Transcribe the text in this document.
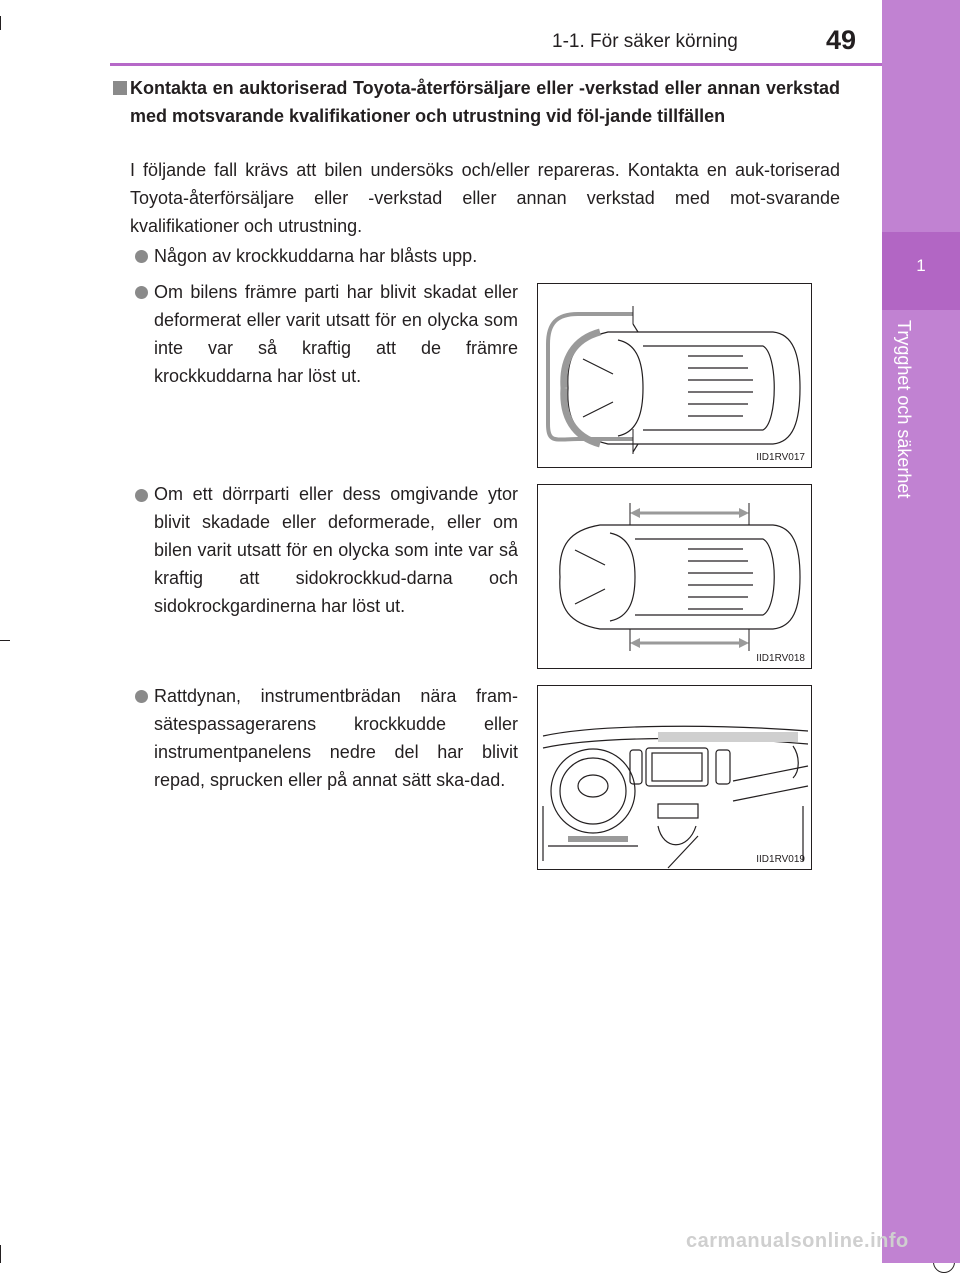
1
Trygghet och säkerhet
1-1. För säker körning	49
Kontakta en auktoriserad Toyota-återförsäljare eller -verkstad eller annan verkstad med motsvarande kvalifikationer och utrustning vid föl-jande tillfällen
I följande fall krävs att bilen undersöks och/eller repareras. Kontakta en auk-toriserad Toyota-återförsäljare eller -verkstad eller annan verkstad med mot-svarande kvalifikationer och utrustning.
Någon av krockkuddarna har blåsts upp.
Om bilens främre parti har blivit skadat eller deformerat eller varit utsatt för en olycka som inte var så kraftig att de främre krockkuddarna har löst ut.
Om ett dörrparti eller dess omgivande ytor blivit skadade eller deformerade, eller om bilen varit utsatt för en olycka som inte var så kraftig att sidokrockkud-darna och sidokrockgardinerna har löst ut.
Rattdynan, instrumentbrädan nära fram-sätespassagerarens krockkudde eller instrumentpanelens nedre del har blivit repad, sprucken eller på annat sätt ska-dad.
IID1RV017
IID1RV018
IID1RV019
carmanualsonline.info
